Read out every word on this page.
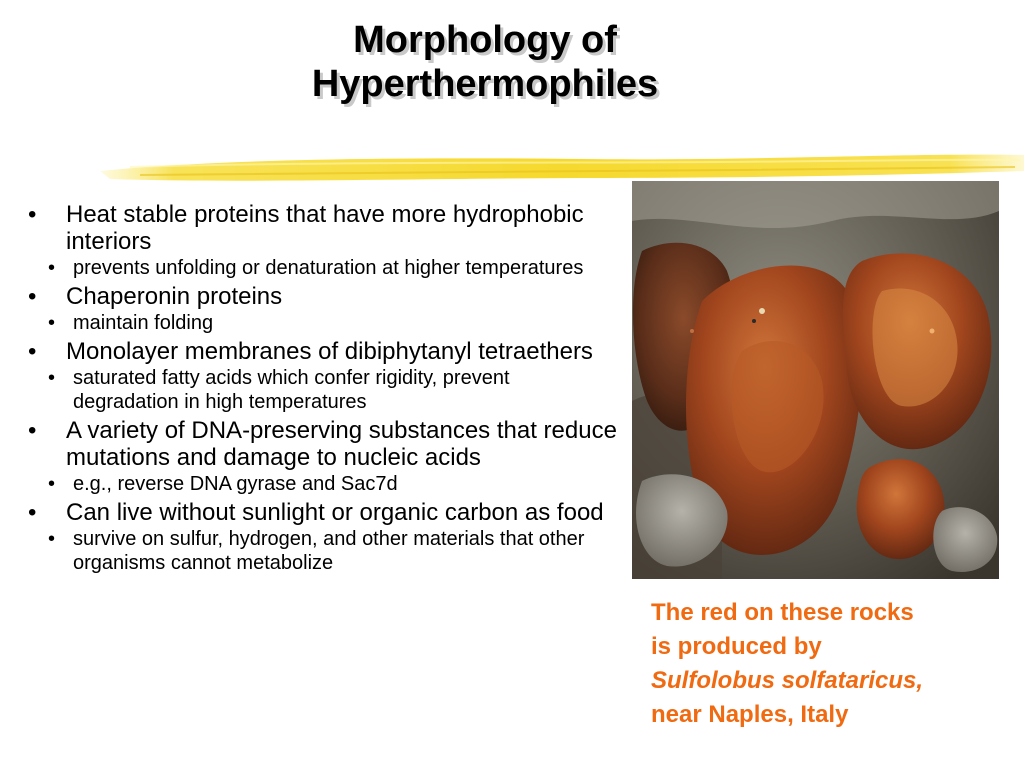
Morphology of
Hyperthermophiles
•	Heat stable proteins that have more hydrophobic interiors
• prevents unfolding or denaturation at higher temperatures
•	Chaperonin proteins
• maintain folding
•	Monolayer membranes of dibiphytanyl tetraethers
• saturated fatty acids which confer rigidity, prevent degradation in high temperatures
•	A variety of DNA-preserving substances that reduce mutations and damage to nucleic acids
• e.g., reverse DNA gyrase and Sac7d
•	Can live without sunlight or organic carbon as food
• survive on sulfur, hydrogen, and other materials that other organisms cannot metabolize
The red on these rocks
is produced by
Sulfolobus solfataricus,
near Naples, Italy
